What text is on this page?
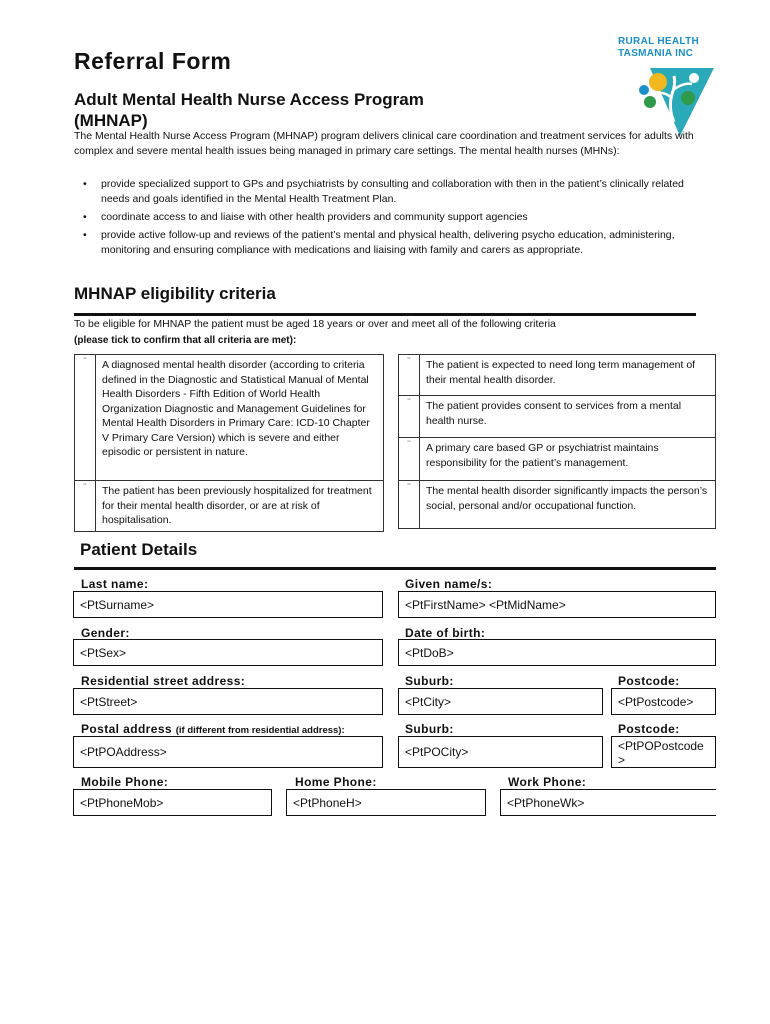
Referral Form
Adult Mental Health Nurse Access Program (MHNAP)
RURAL HEALTH
TASMANIA INC
The Mental Health Nurse Access Program (MHNAP) program delivers clinical care coordination and treatment services for adults with complex and severe mental health issues being managed in primary care settings. The mental health nurses (MHNs):
• provide specialized support to GPs and psychiatrists by consulting and collaboration with then in the patient’s clinically related needs and goals identified in the Mental Health Treatment Plan.
• coordinate access to and liaise with other health providers and community support agencies
• provide active follow-up and reviews of the patient’s mental and physical health, delivering psycho education, administering, monitoring and ensuring compliance with medications and liaising with family and carers as appropriate.
MHNAP eligibility criteria
To be eligible for MHNAP the patient must be aged 18 years or over and meet all of the following criteria
(please tick to confirm that all criteria are met):
¨	A diagnosed mental health disorder (according to criteria defined in the Diagnostic and Statistical Manual of Mental Health Disorders - Fifth Edition of World Health Organization Diagnostic and Management Guidelines for Mental Health Disorders in Primary Care: ICD-10 Chapter V Primary Care Version) which is severe and either episodic or persistent in nature.
¨	The patient has been previously hospitalized for treatment for their mental health disorder, or are at risk of hospitalisation.
¨	The patient is expected to need long term management of their mental health disorder.
¨	The patient provides consent to services from a mental health nurse.
¨	A primary care based GP or psychiatrist maintains responsibility for the patient’s management.
¨	The mental health disorder significantly impacts the person’s social, personal and/or occupational function.
Patient Details
Last name:
<PtSurname>
Given name/s:
<PtFirstName> <PtMidName>
Gender:
<PtSex>
Date of birth:
<PtDoB>
Residential street address:
<PtStreet>
Suburb:
<PtCity>
Postcode:
<PtPostcode>
Postal address (if different from residential address):
<PtPOAddress>
Suburb:
<PtPOCity>
Postcode:
<PtPOPostcode>
Mobile Phone:
<PtPhoneMob>
Home Phone:
<PtPhoneH>
Work Phone:
<PtPhoneWk>
